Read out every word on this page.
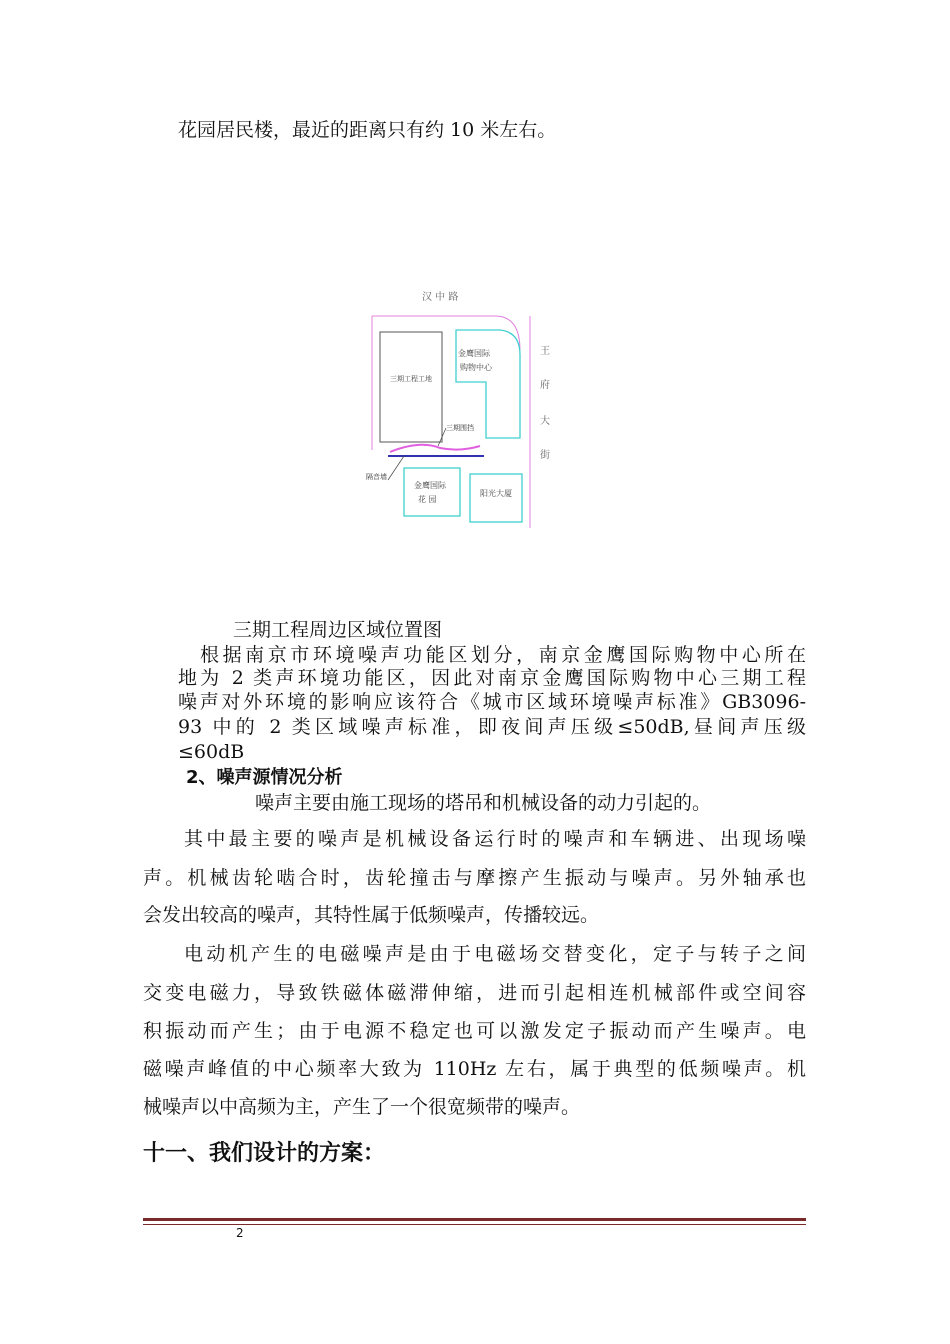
花园居民楼，最近的距离只有约 10 米左右。
汉 中 路
王
府
大
街
三期工程工地
金鹰国际
购物中心
三期围挡
隔音墙
金鹰国际
花 园
阳光大厦
三期工程周边区域位置图
根据南京市环境噪声功能区划分，南京金鹰国际购物中心所在
地为 2 类声环境功能区，因此对南京金鹰国际购物中心三期工程
噪声对外环境的影响应该符合《城市区域环境噪声标准》GB3096-
93 中的 2 类区域噪声标准，即夜间声压级≤50dB,昼间声压级
≤60dB
2、噪声源情况分析
噪声主要由施工现场的塔吊和机械设备的动力引起的。
其中最主要的噪声是机械设备运行时的噪声和车辆进、出现场噪
声。机械齿轮啮合时，齿轮撞击与摩擦产生振动与噪声。另外轴承也
会发出较高的噪声，其特性属于低频噪声，传播较远。
电动机产生的电磁噪声是由于电磁场交替变化，定子与转子之间
交变电磁力，导致铁磁体磁滞伸缩，进而引起相连机械部件或空间容
积振动而产生；由于电源不稳定也可以激发定子振动而产生噪声。电
磁噪声峰值的中心频率大致为 110Hz 左右，属于典型的低频噪声。机
械噪声以中高频为主，产生了一个很宽频带的噪声。
十一、我们设计的方案：
2
